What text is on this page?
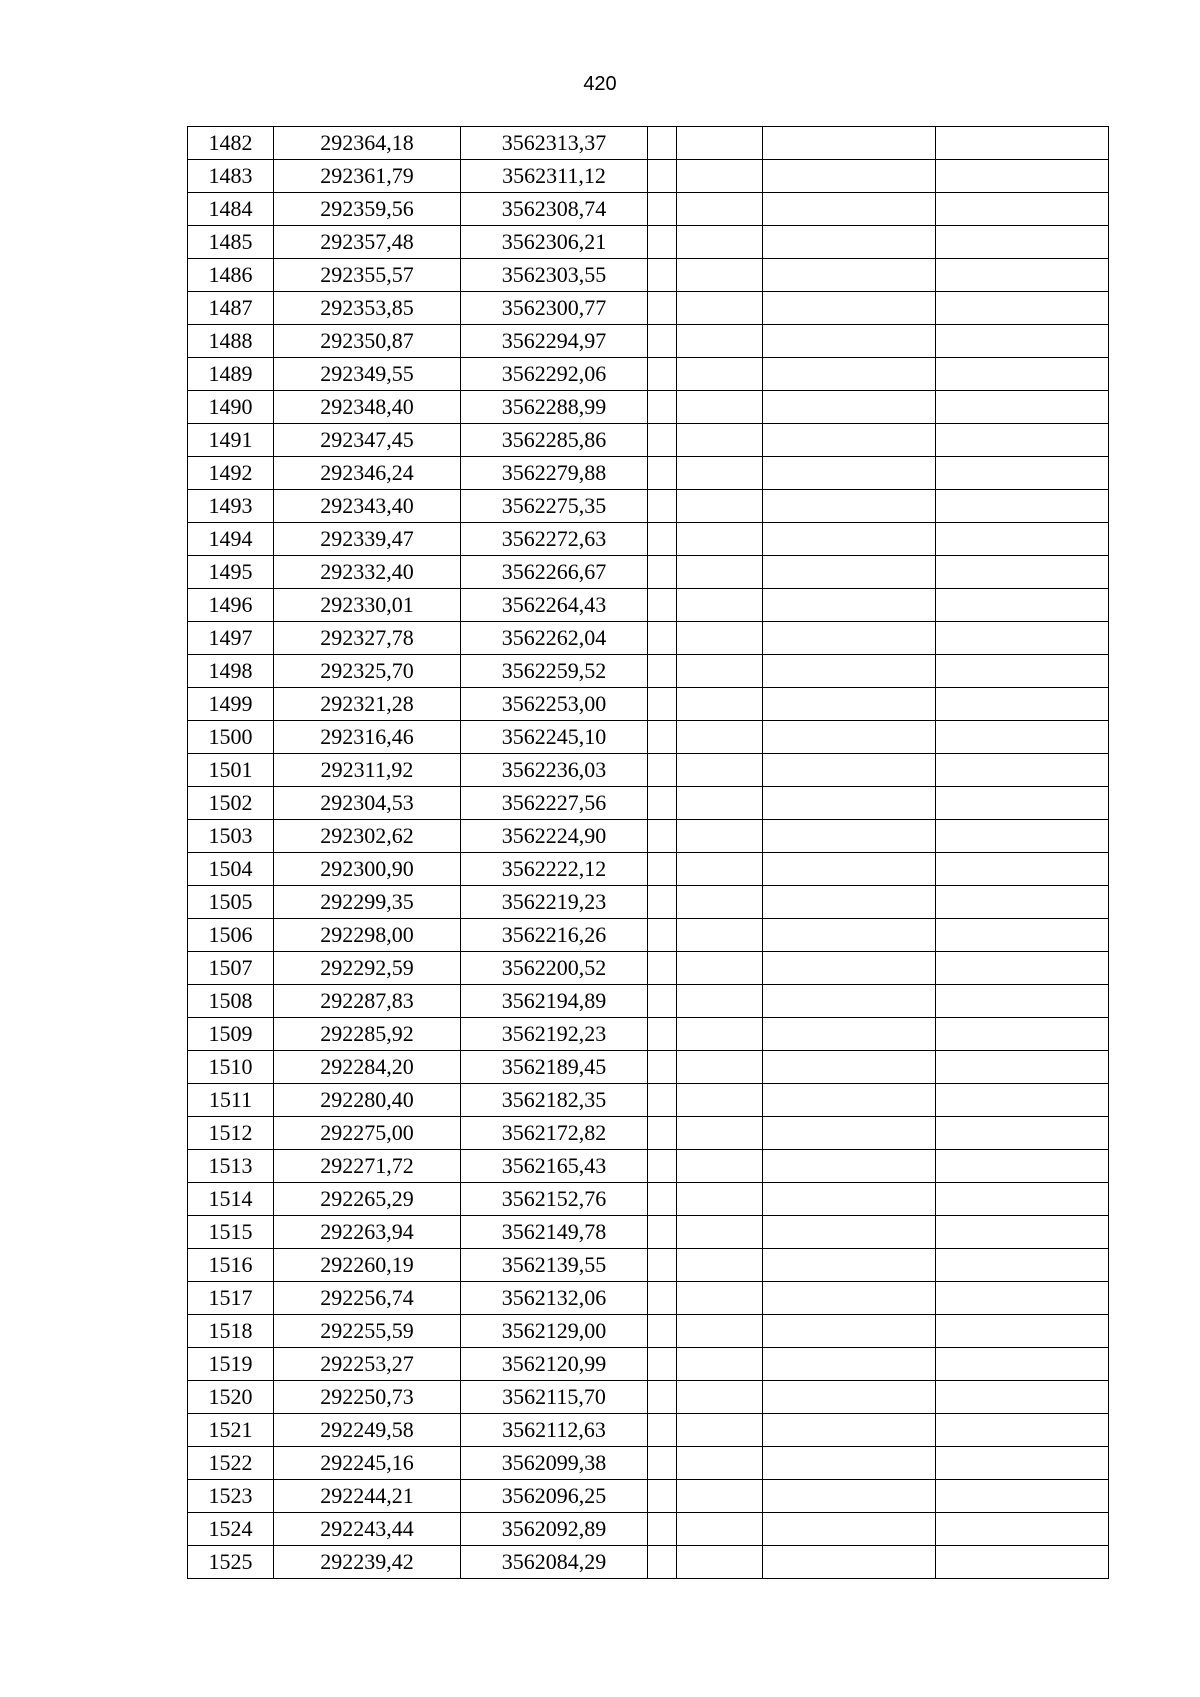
420
1482	292364,18	3562313,37				
1483	292361,79	3562311,12				
1484	292359,56	3562308,74				
1485	292357,48	3562306,21				
1486	292355,57	3562303,55				
1487	292353,85	3562300,77				
1488	292350,87	3562294,97				
1489	292349,55	3562292,06				
1490	292348,40	3562288,99				
1491	292347,45	3562285,86				
1492	292346,24	3562279,88				
1493	292343,40	3562275,35				
1494	292339,47	3562272,63				
1495	292332,40	3562266,67				
1496	292330,01	3562264,43				
1497	292327,78	3562262,04				
1498	292325,70	3562259,52				
1499	292321,28	3562253,00				
1500	292316,46	3562245,10				
1501	292311,92	3562236,03				
1502	292304,53	3562227,56				
1503	292302,62	3562224,90				
1504	292300,90	3562222,12				
1505	292299,35	3562219,23				
1506	292298,00	3562216,26				
1507	292292,59	3562200,52				
1508	292287,83	3562194,89				
1509	292285,92	3562192,23				
1510	292284,20	3562189,45				
1511	292280,40	3562182,35				
1512	292275,00	3562172,82				
1513	292271,72	3562165,43				
1514	292265,29	3562152,76				
1515	292263,94	3562149,78				
1516	292260,19	3562139,55				
1517	292256,74	3562132,06				
1518	292255,59	3562129,00				
1519	292253,27	3562120,99				
1520	292250,73	3562115,70				
1521	292249,58	3562112,63				
1522	292245,16	3562099,38				
1523	292244,21	3562096,25				
1524	292243,44	3562092,89				
1525	292239,42	3562084,29				
